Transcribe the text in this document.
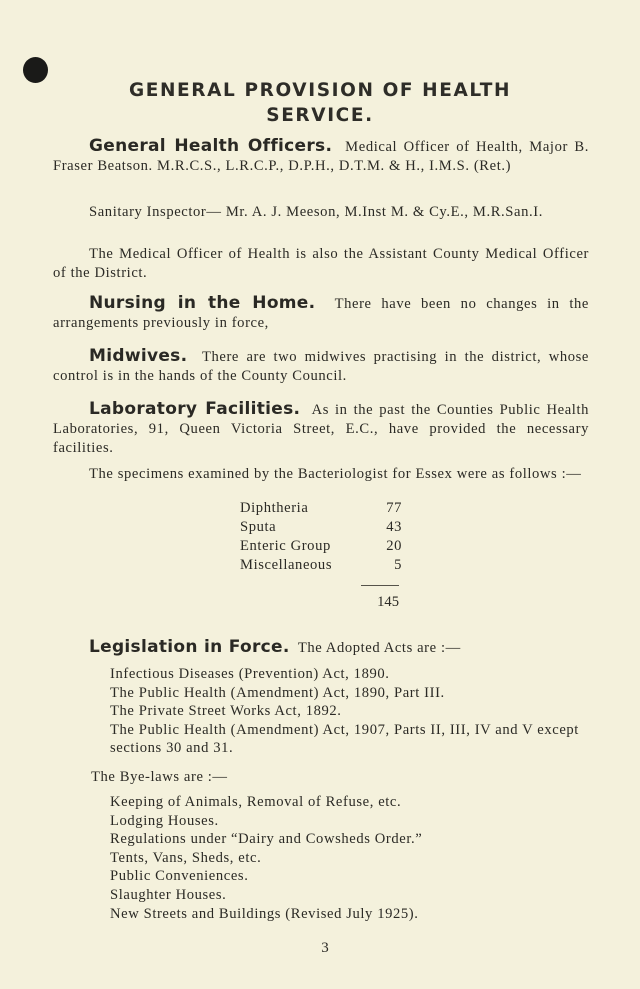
GENERAL PROVISION OF HEALTH
SERVICE.
General Health Officers. Medical Officer of Health, Major B. Fraser Beatson. M.R.C.S., L.R.C.P., D.P.H., D.T.M. & H., I.M.S. (Ret.)
Sanitary Inspector— Mr. A. J. Meeson, M.Inst M. & Cy.E., M.R.San.I.
The Medical Officer of Health is also the Assistant County Medical Officer of the District.
Nursing in the Home. There have been no changes in the arrangements previously in force,
Midwives. There are two midwives practising in the district, whose control is in the hands of the County Council.
Laboratory Facilities. As in the past the Counties Public Health Laboratories, 91, Queen Victoria Street, E.C., have provided the necessary facilities.
The specimens examined by the Bacteriologist for Essex were as follows :—
Diphtheria	77
Sputa	43
Enteric Group	20
Miscellaneous	5
145
Legislation in Force. The Adopted Acts are :—
Infectious Diseases (Prevention) Act, 1890.
The Public Health (Amendment) Act, 1890, Part III.
The Private Street Works Act, 1892.
The Public Health (Amendment) Act, 1907, Parts II, III, IV and V except sections 30 and 31.
The Bye-laws are :—
Keeping of Animals, Removal of Refuse, etc.
Lodging Houses.
Regulations under “Dairy and Cowsheds Order.”
Tents, Vans, Sheds, etc.
Public Conveniences.
Slaughter Houses.
New Streets and Buildings (Revised July 1925).
3
